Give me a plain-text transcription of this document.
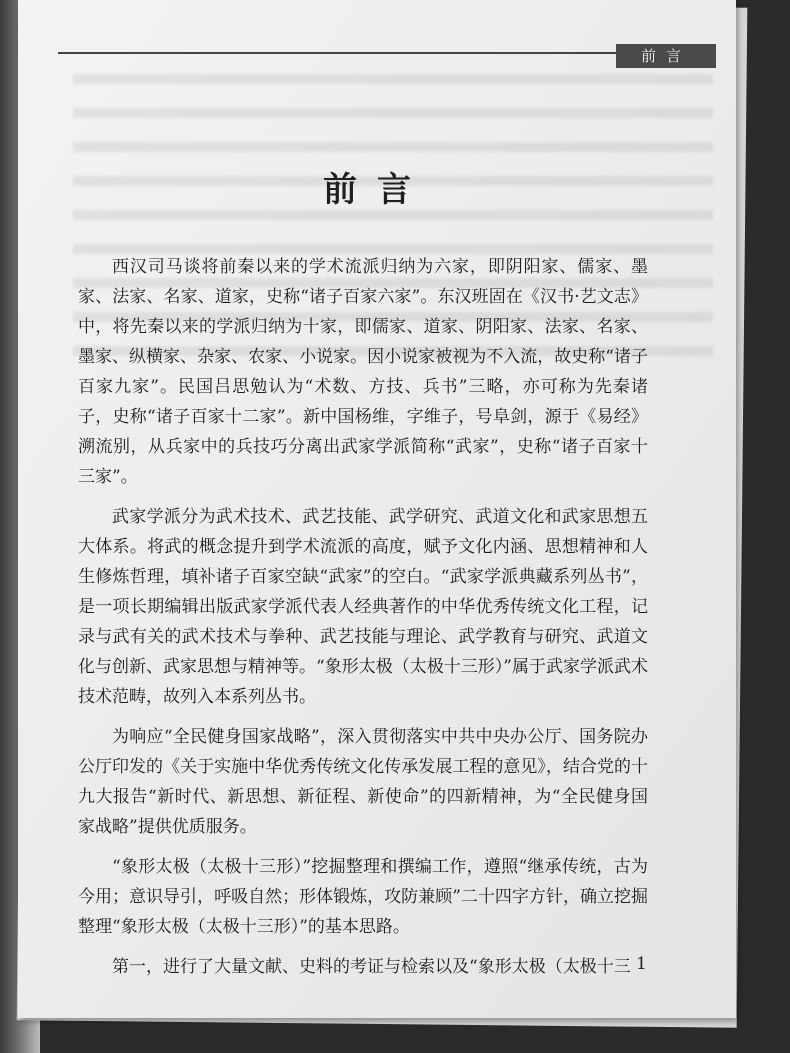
前言
前言

西汉司马谈将前秦以来的学术流派归纳为六家，即阴阳家、儒家、墨家、法家、名家、道家，史称“诸子百家六家”。东汉班固在《汉书·艺文志》中，将先秦以来的学派归纳为十家，即儒家、道家、阴阳家、法家、名家、墨家、纵横家、杂家、农家、小说家。因小说家被视为不入流，故史称“诸子百家九家”。民国吕思勉认为“术数、方技、兵书”三略，亦可称为先秦诸子，史称“诸子百家十二家”。新中国杨维，字维子，号阜剑，源于《易经》溯流别，从兵家中的兵技巧分离出武家学派简称“武家”，史称“诸子百家十三家”。

武家学派分为武术技术、武艺技能、武学研究、武道文化和武家思想五大体系。将武的概念提升到学术流派的高度，赋予文化内涵、思想精神和人生修炼哲理，填补诸子百家空缺“武家”的空白。“武家学派典藏系列丛书”，是一项长期编辑出版武家学派代表人经典著作的中华优秀传统文化工程，记录与武有关的武术技术与拳种、武艺技能与理论、武学教育与研究、武道文化与创新、武家思想与精神等。“象形太极（太极十三形）”属于武家学派武术技术范畴，故列入本系列丛书。

为响应“全民健身国家战略”，深入贯彻落实中共中央办公厅、国务院办公厅印发的《关于实施中华优秀传统文化传承发展工程的意见》，结合党的十九大报告“新时代、新思想、新征程、新使命”的四新精神，为“全民健身国家战略”提供优质服务。

“象形太极（太极十三形）”挖掘整理和撰编工作，遵照“继承传统，古为今用；意识导引，呼吸自然；形体锻炼，攻防兼顾”二十四字方针，确立挖掘整理“象形太极（太极十三形）”的基本思路。

第一，进行了大量文献、史料的考证与检索以及“象形太极（太极十三 1
